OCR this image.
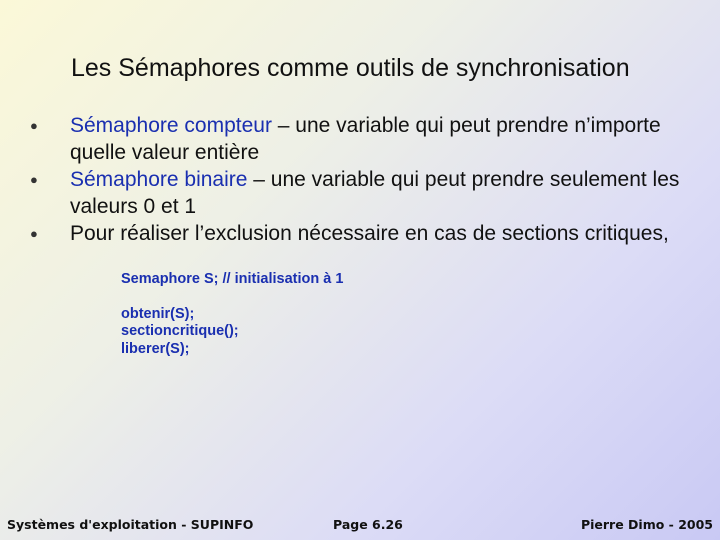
Les Sémaphores comme outils de synchronisation
● Sémaphore compteur – une variable qui peut prendre n’importe quelle valeur entière
● Sémaphore binaire – une variable qui peut prendre seulement les valeurs 0 et 1
● Pour réaliser l’exclusion nécessaire en cas de sections critiques,
Semaphore S; // initialisation à 1
obtenir(S);
sectioncritique();
liberer(S);
Systèmes d'exploitation - SUPINFO	Page 6.26	Pierre Dimo - 2005
